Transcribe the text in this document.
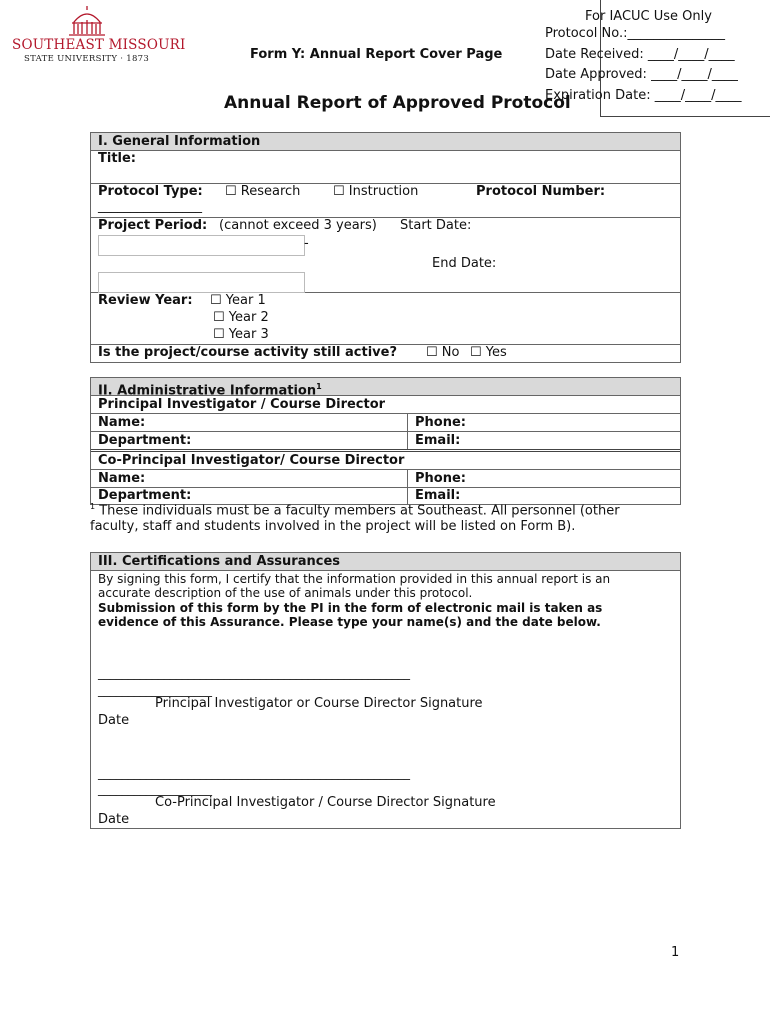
SOUTHEAST MISSOURI
STATE UNIVERSITY · 1873	Form Y: Annual Report Cover Page
Annual Report of Approved Protocol
For IACUC Use Only
Protocol No.:_______________
Date Received: ____/____/____
Date Approved: ____/____/____
Expiration Date: ____/____/____
I. General Information
Title:
Protocol Type: ☐ Research	☐ Instruction	Protocol Number:
________________
Project Period: (cannot exceed 3 years) Start Date:
-
End Date:
Review Year: ☐ Year 1
☐ Year 2
☐ Year 3
Is the project/course activity still active? ☐ No ☐ Yes
II. Administrative Information$^1$
Principal Investigator / Course Director
Name:	Phone:
Department:	Email:
Co-Principal Investigator/ Course Director
Name:	Phone:
Department:	Email:
$^1$ These individuals must be a faculty members at Southeast. All personnel (other
faculty, staff and students involved in the project will be listed on Form B).
III. Certifications and Assurances
By signing this form, I certify that the information provided in this annual report is an
accurate description of the use of animals under this protocol.
Submission of this form by the PI in the form of electronic mail is taken as
evidence of this Assurance. Please type your name(s) and the date below.
____________________________________________________
___________________
Principal Investigator or Course Director Signature
Date
____________________________________________________
___________________
Co-Principal Investigator / Course Director Signature
Date
1
